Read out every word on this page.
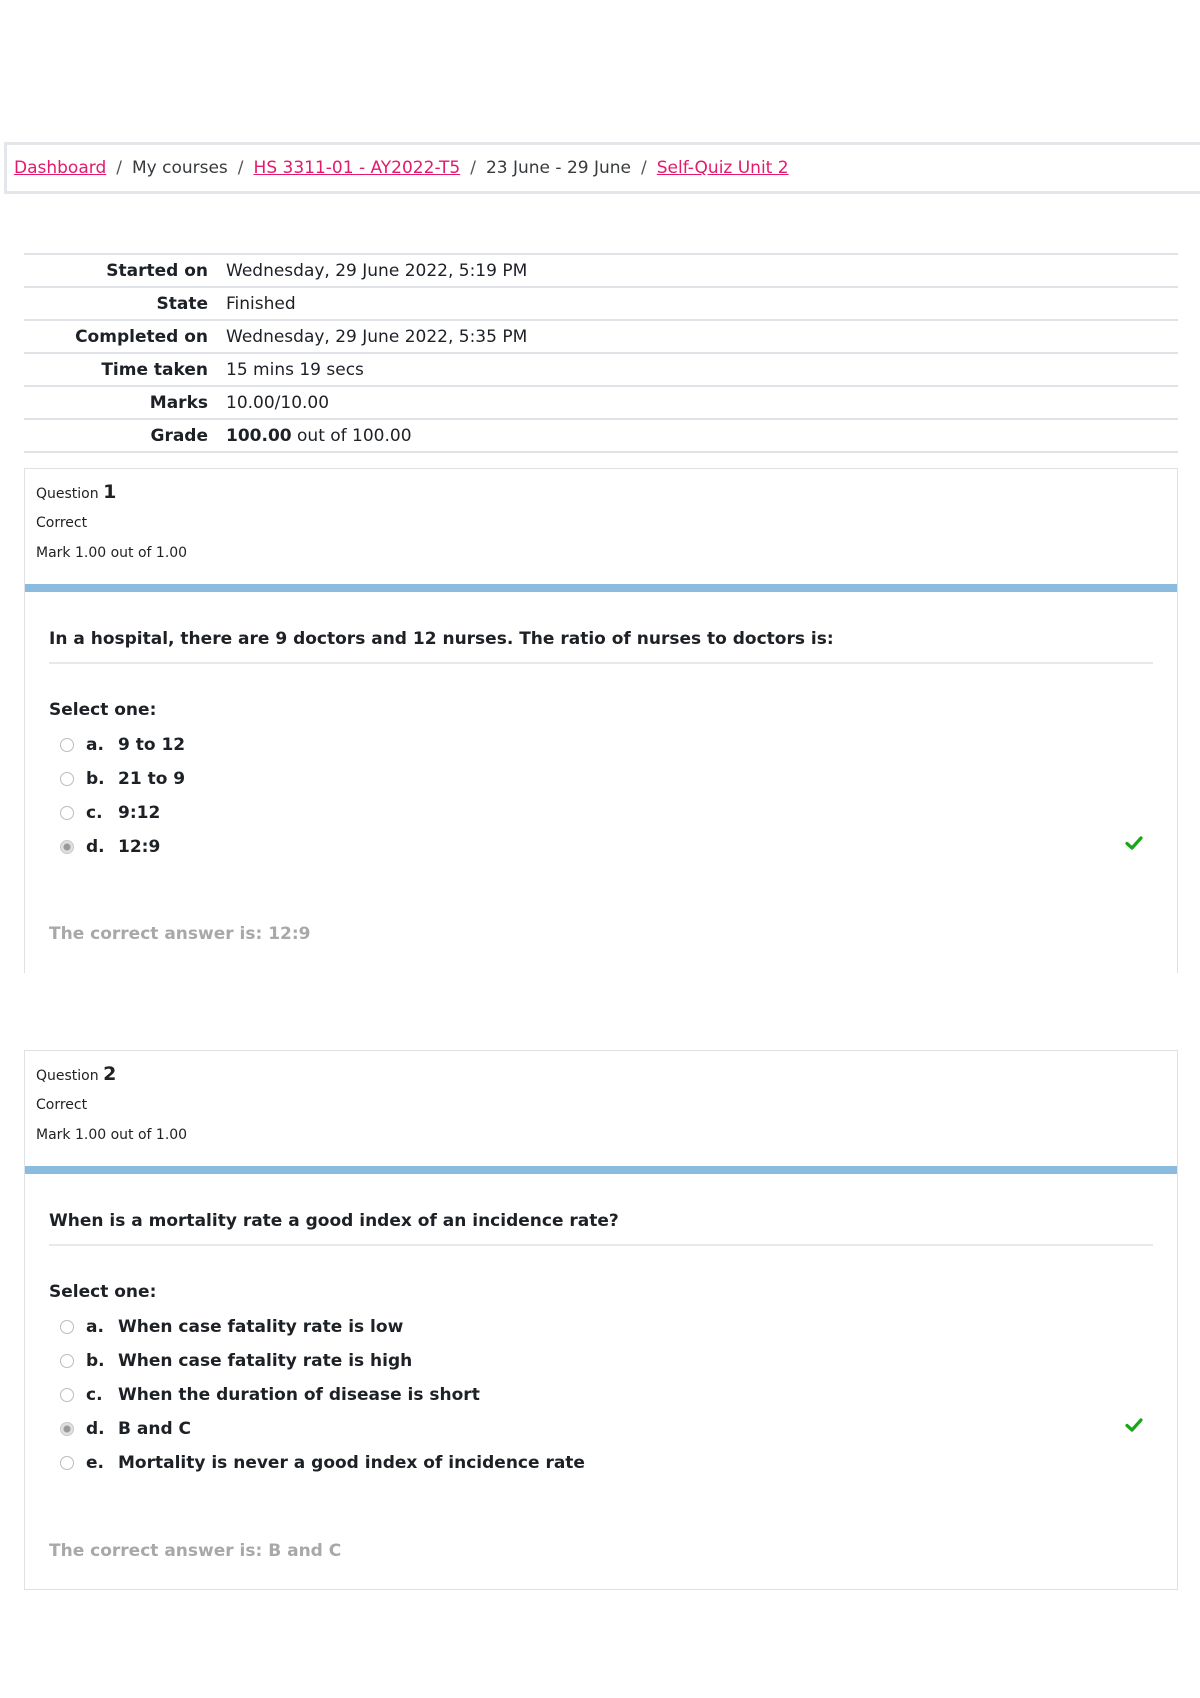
Dashboard / My courses / HS 3311-01 - AY2022-T5 / 23 June - 29 June / Self-Quiz Unit 2
Started on	Wednesday, 29 June 2022, 5:19 PM
State	Finished
Completed on	Wednesday, 29 June 2022, 5:35 PM
Time taken	15 mins 19 secs
Marks	10.00/10.00
Grade	100.00 out of 100.00
Question 1
Correct
Mark 1.00 out of 1.00
In a hospital, there are 9 doctors and 12 nurses. The ratio of nurses to doctors is:
Select one:
a. 9 to 12
b. 21 to 9
c. 9:12
d. 12:9
The correct answer is: 12:9
Question 2
Correct
Mark 1.00 out of 1.00
When is a mortality rate a good index of an incidence rate?
Select one:
a. When case fatality rate is low
b. When case fatality rate is high
c. When the duration of disease is short
d. B and C
e. Mortality is never a good index of incidence rate
The correct answer is: B and C
